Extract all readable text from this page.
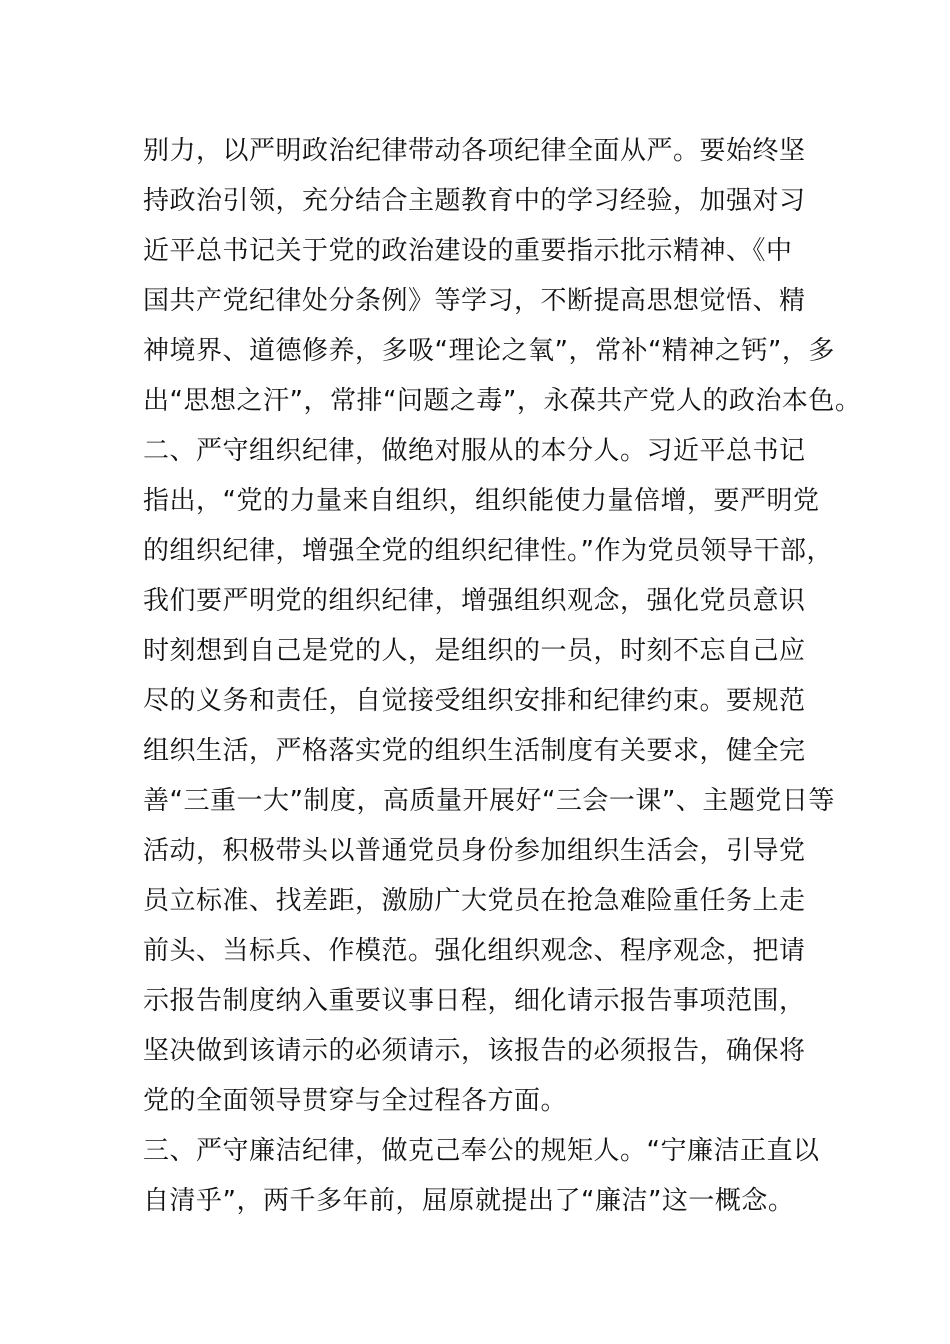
别力，以严明政治纪律带动各项纪律全面从严。要始终坚
持政治引领，充分结合主题教育中的学习经验，加强对习
近平总书记关于党的政治建设的重要指示批示精神、《中
国共产党纪律处分条例》等学习，不断提高思想觉悟、精
神境界、道德修养，多吸“理论之氧”，常补“精神之钙”，多
出“思想之汗”，常排“问题之毒”，永葆共产党人的政治本色。
二、严守组织纪律，做绝对服从的本分人。习近平总书记
指出，“党的力量来自组织，组织能使力量倍增，要严明党
的组织纪律，增强全党的组织纪律性。”作为党员领导干部，
我们要严明党的组织纪律，增强组织观念，强化党员意识
时刻想到自己是党的人，是组织的一员，时刻不忘自己应
尽的义务和责任，自觉接受组织安排和纪律约束。要规范
组织生活，严格落实党的组织生活制度有关要求，健全完
善“三重一大”制度，高质量开展好“三会一课”、主题党日等
活动，积极带头以普通党员身份参加组织生活会，引导党
员立标准、找差距，激励广大党员在抢急难险重任务上走
前头、当标兵、作模范。强化组织观念、程序观念，把请
示报告制度纳入重要议事日程，细化请示报告事项范围，
坚决做到该请示的必须请示，该报告的必须报告，确保将
党的全面领导贯穿与全过程各方面。
三、严守廉洁纪律，做克己奉公的规矩人。“宁廉洁正直以
自清乎”，两千多年前，屈原就提出了“廉洁”这一概念。
